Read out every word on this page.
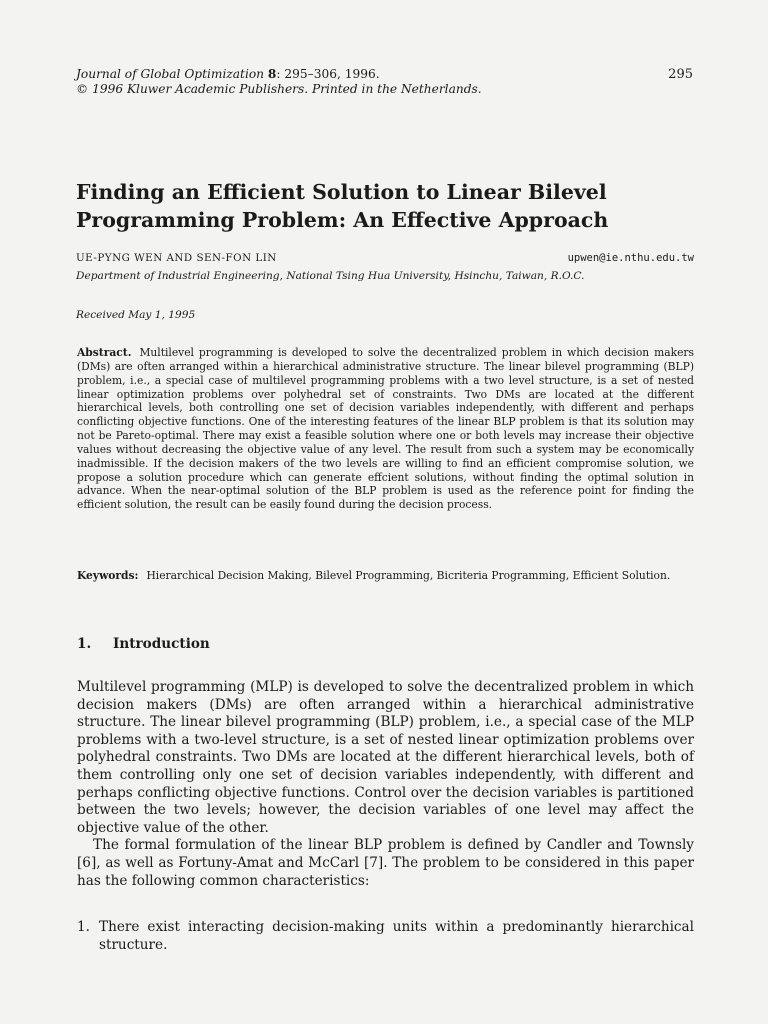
Journal of Global Optimization 8: 295–306, 1996.
© 1996 Kluwer Academic Publishers. Printed in the Netherlands.
295
Finding an Efficient Solution to Linear Bilevel Programming Problem: An Effective Approach
UE-PYNG WEN AND SEN-FON LIN	upwen@ie.nthu.edu.tw
Department of Industrial Engineering, National Tsing Hua University, Hsinchu, Taiwan, R.O.C.
Received May 1, 1995
Abstract. Multilevel programming is developed to solve the decentralized problem in which decision makers (DMs) are often arranged within a hierarchical administrative structure. The linear bilevel programming (BLP) problem, i.e., a special case of multilevel programming problems with a two level structure, is a set of nested linear optimization problems over polyhedral set of constraints. Two DMs are located at the different hierarchical levels, both controlling one set of decision variables independently, with different and perhaps conflicting objective functions. One of the interesting features of the linear BLP problem is that its solution may not be Pareto-optimal. There may exist a feasible solution where one or both levels may increase their objective values without decreasing the objective value of any level. The result from such a system may be economically inadmissible. If the decision makers of the two levels are willing to find an efficient compromise solution, we propose a solution procedure which can generate effcient solutions, without finding the optimal solution in advance. When the near-optimal solution of the BLP problem is used as the reference point for finding the efficient solution, the result can be easily found during the decision process.
Keywords: Hierarchical Decision Making, Bilevel Programming, Bicriteria Programming, Efficient Solution.
1. Introduction

Multilevel programming (MLP) is developed to solve the decentralized problem in which decision makers (DMs) are often arranged within a hierarchical administrative structure. The linear bilevel programming (BLP) problem, i.e., a special case of the MLP problems with a two-level structure, is a set of nested linear optimization problems over polyhedral constraints. Two DMs are located at the different hierarchical levels, both of them controlling only one set of decision variables independently, with different and perhaps conflicting objective functions. Control over the decision variables is partitioned between the two levels; however, the decision variables of one level may affect the objective value of the other.

The formal formulation of the linear BLP problem is defined by Candler and Townsly [6], as well as Fortuny-Amat and McCarl [7]. The problem to be considered in this paper has the following common characteristics:

1. There exist interacting decision-making units within a predominantly hierarchical structure.
